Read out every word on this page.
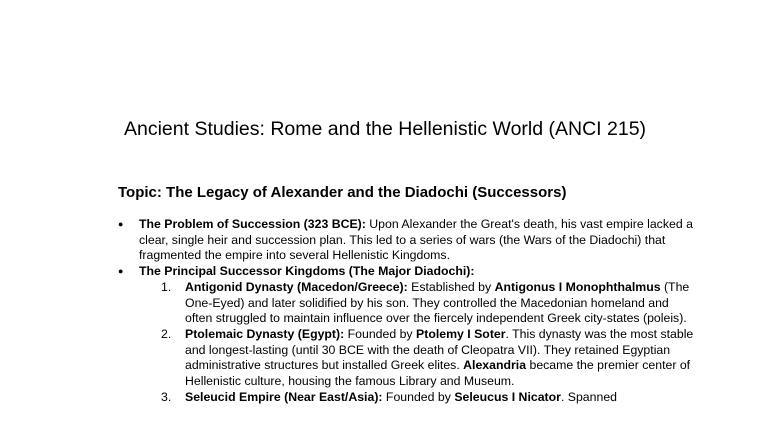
Ancient Studies: Rome and the Hellenistic World (ANCI 215)
Topic: The Legacy of Alexander and the Diadochi (Successors)
●	The Problem of Succession (323 BCE): Upon Alexander the Great's death, his vast empire lacked a clear, single heir and succession plan. This led to a series of wars (the Wars of the Diadochi) that fragmented the empire into several Hellenistic Kingdoms.
●	The Principal Successor Kingdoms (The Major Diadochi):
1.	Antigonid Dynasty (Macedon/Greece): Established by Antigonus I Monophthalmus (The One-Eyed) and later solidified by his son. They controlled the Macedonian homeland and often struggled to maintain influence over the fiercely independent Greek city-states (poleis).
2.	Ptolemaic Dynasty (Egypt): Founded by Ptolemy I Soter. This dynasty was the most stable and longest-lasting (until 30 BCE with the death of Cleopatra VII). They retained Egyptian administrative structures but installed Greek elites. Alexandria became the premier center of Hellenistic culture, housing the famous Library and Museum.
3.	Seleucid Empire (Near East/Asia): Founded by Seleucus I Nicator. Spanned
